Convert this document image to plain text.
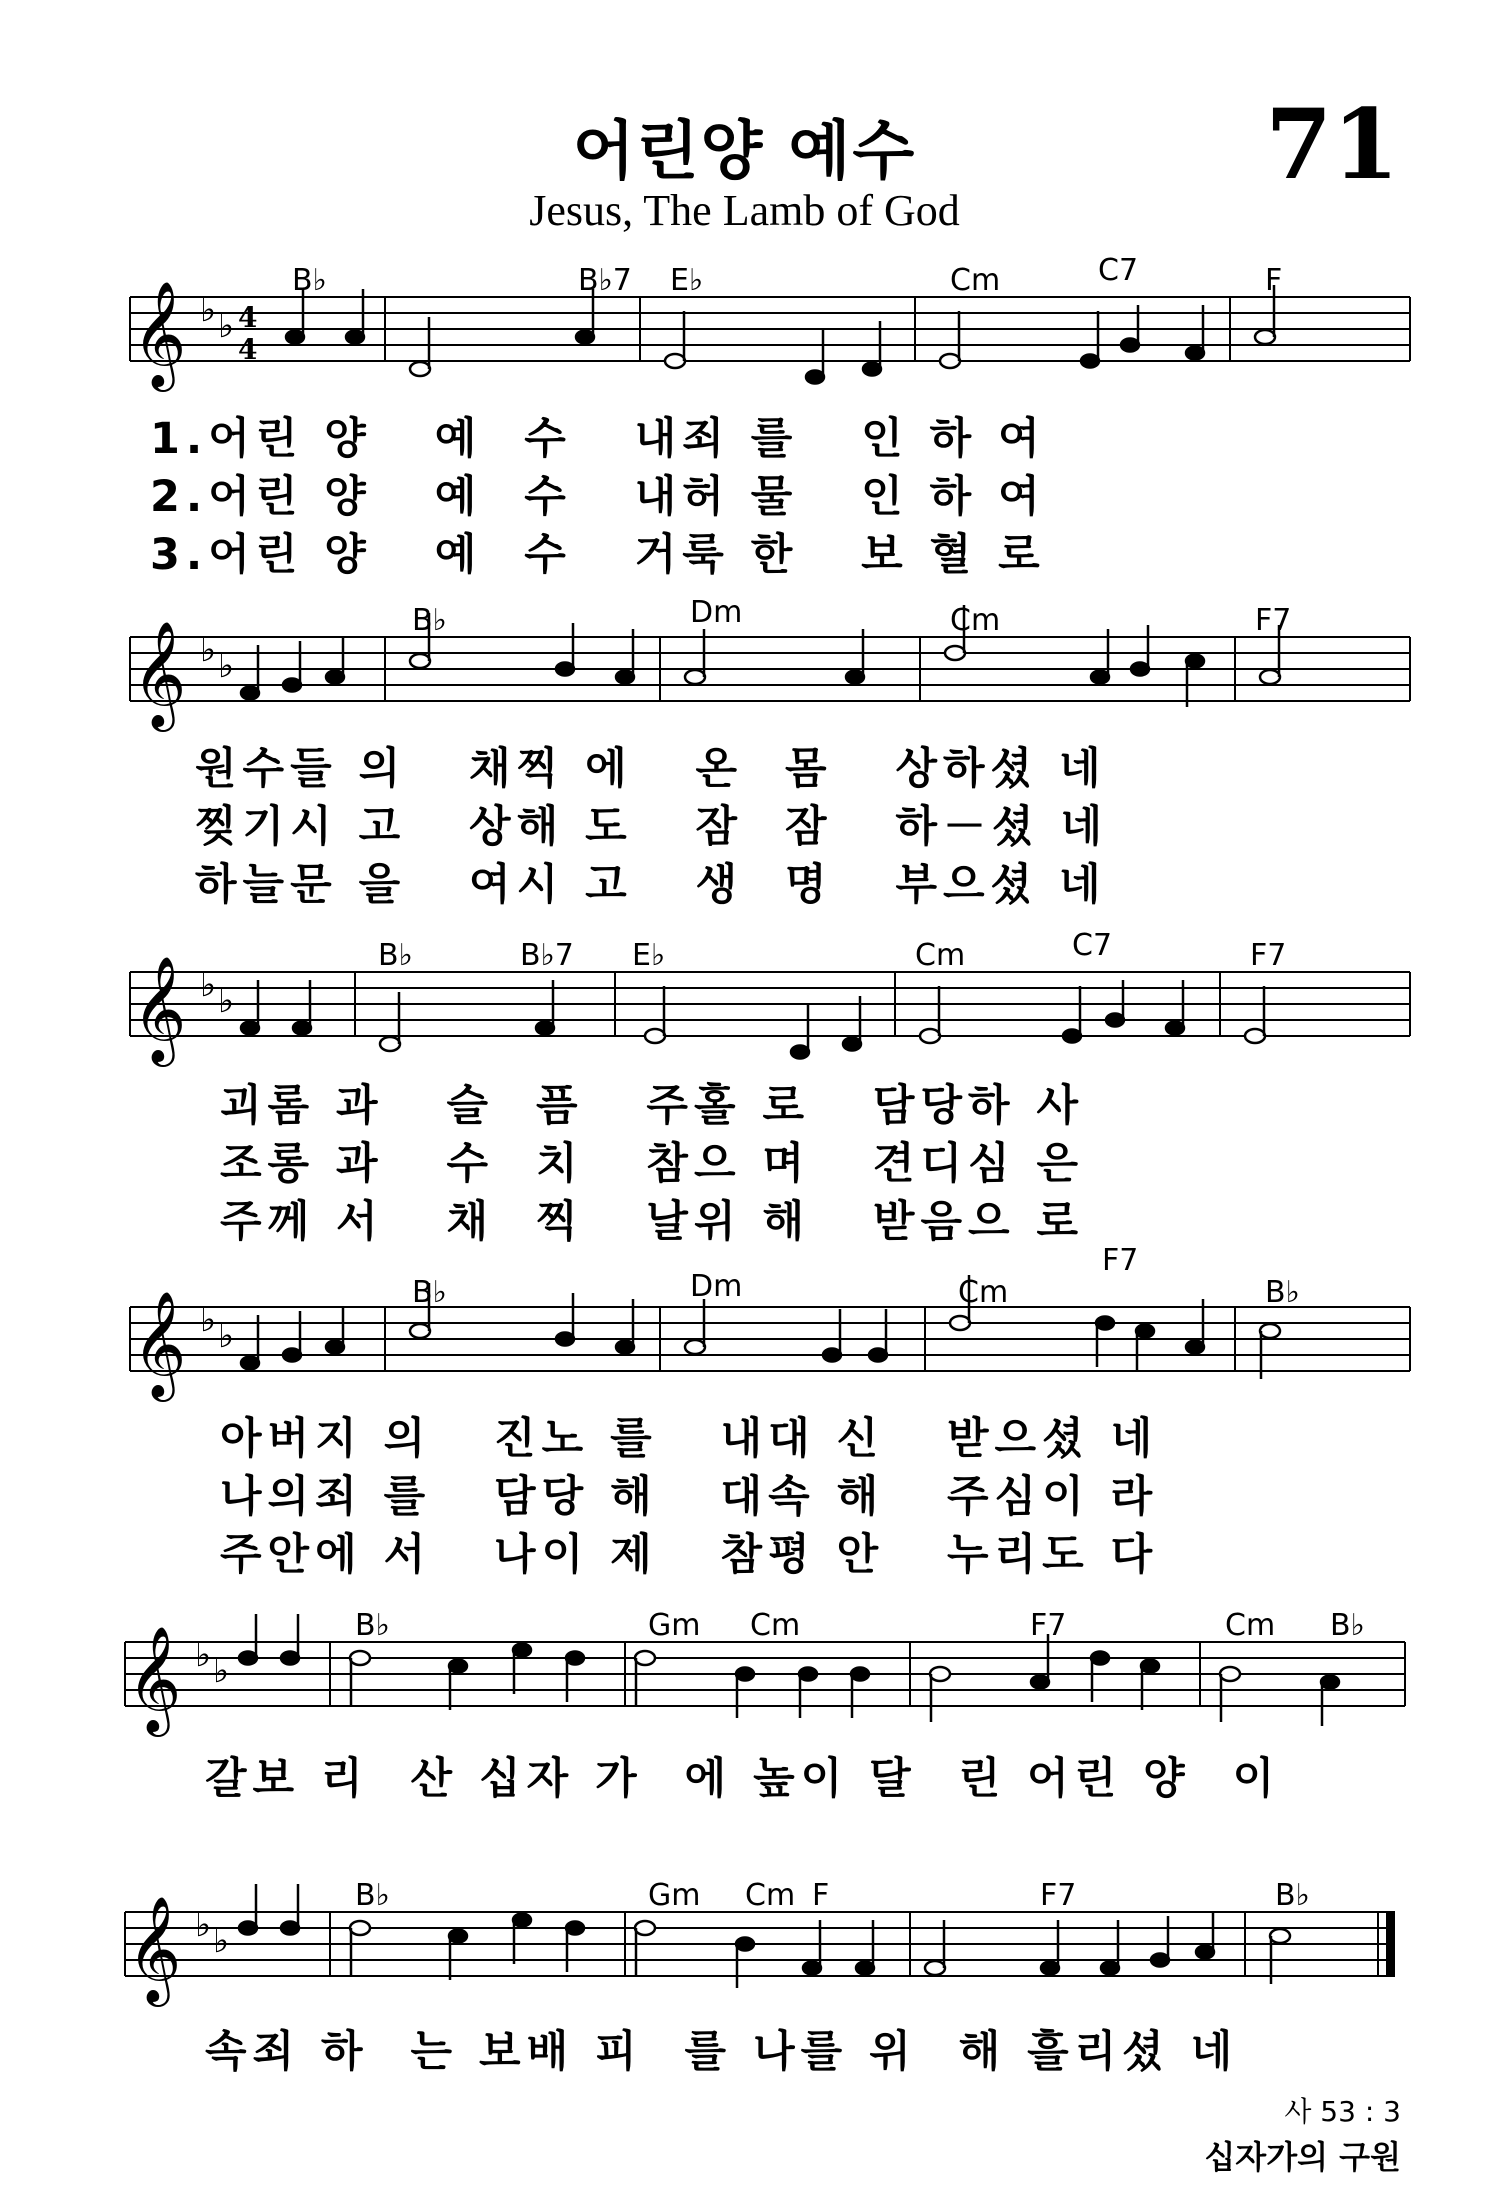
어린양 예수	71
Jesus, The Lamb of God
𝄞 ♭ ♭ 4
4
B♭	B♭7 E♭	Cm	C7	F
1.어린 양   예  수   내죄 를   인 하 여
2.어린 양   예  수   내허 물   인 하 여
3.어린 양   예  수   거룩 한   보 혈 로
𝄞 ♭ ♭
B♭	Dm	Cm	F7
원수들 의   채찍 에   온  몸   상하셨 네
찢기시 고   상해 도   잠  잠   하－셨 네
하늘문 을   여시 고   생  명   부으셨 네
𝄞 ♭ ♭
B♭	B♭7 E♭	Cm	C7	F7
괴롬 과   슬  픔   주홀 로   담당하 사
조롱 과   수  치   참으 며   견디심 은
주께 서   채  찍   날위 해   받음으 로
𝄞 ♭ ♭
B♭	Dm	Cm
F7
B♭
아버지 의   진노 를   내대 신   받으셨 네
나의죄 를   담당 해   대속 해   주심이 라
주안에 서   나이 제   참평 안   누리도 다
𝄞 ♭ ♭
B♭	Gm Cm	F7	Cm B♭
갈보 리  산 십자 가  에 높이 달  린 어린 양  이
𝄞 ♭ ♭
B♭	Gm Cm F	F7	B♭
속죄 하  는 보배 피  를 나를 위  해 흘리셨 네
사 53 : 3
십자가의 구원
